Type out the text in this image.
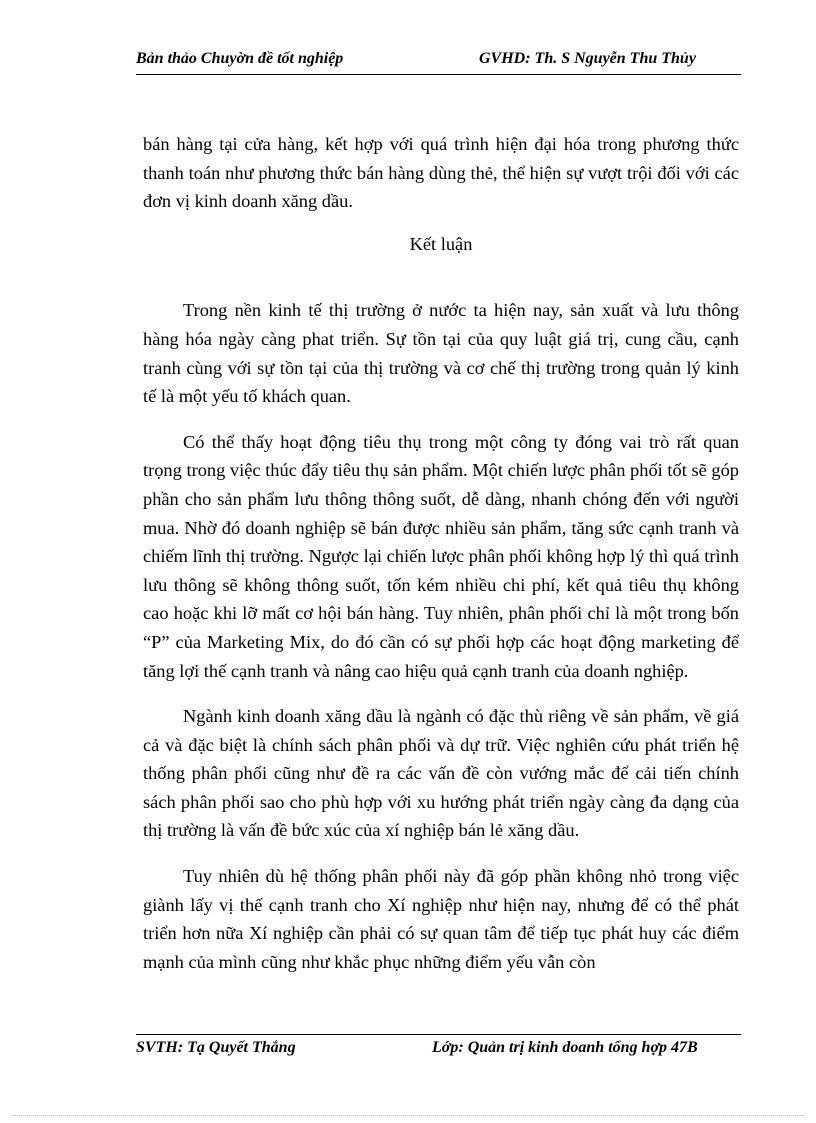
Bản thảo Chuyờn đề tốt nghiệp	GVHD: Th. S Nguyễn Thu Thủy

bán hàng tại cửa hàng, kết hợp với quá trình hiện đại hóa trong phương thức thanh toán như phương thức bán hàng dùng thẻ, thể hiện sự vượt trội đối với các đơn vị kinh doanh xăng dầu.

Kết luận

Trong nền kinh tế thị trường ở nước ta hiện nay, sản xuất và lưu thông hàng hóa ngày càng phat triển. Sự tồn tại của quy luật giá trị, cung cầu, cạnh tranh cùng với sự tồn tại của thị trường và cơ chế thị trường trong quản lý kinh tế là một yếu tố khách quan.

Có thể thấy hoạt động tiêu thụ trong một công ty đóng vai trò rất quan trọng trong việc thúc đẩy tiêu thụ sản phẩm. Một chiến lược phân phối tốt sẽ góp phần cho sản phẩm lưu thông thông suốt, dễ dàng, nhanh chóng đến với người mua. Nhờ đó doanh nghiệp sẽ bán được nhiều sản phẩm, tăng sức cạnh tranh và chiếm lĩnh thị trường. Ngược lại chiến lược phân phối không hợp lý thì quá trình lưu thông sẽ không thông suốt, tốn kém nhiều chi phí, kết quả tiêu thụ không cao hoặc khi lỡ mất cơ hội bán hàng. Tuy nhiên, phân phối chỉ là một trong bốn “P” của Marketing Mix, do đó cần có sự phối hợp các hoạt động marketing để tăng lợi thế cạnh tranh và nâng cao hiệu quả cạnh tranh của doanh nghiệp.

Ngành kinh doanh xăng dầu là ngành có đặc thù riêng về sản phẩm, về giá cả và đặc biệt là chính sách phân phối và dự trữ. Việc nghiên cứu phát triển hệ thống phân phối cũng như đề ra các vấn đề còn vướng mắc để cải tiến chính sách phân phối sao cho phù hợp với xu hướng phát triển ngày càng đa dạng của thị trường là vấn đề bức xúc của xí nghiệp bán lẻ xăng dầu.

Tuy nhiên dù hệ thống phân phối này đã góp phần không nhỏ trong việc giành lấy vị thế cạnh tranh cho Xí nghiệp như hiện nay, nhưng để có thể phát triển hơn nữa Xí nghiệp cần phải có sự quan tâm để tiếp tục phát huy các điểm mạnh của mình cũng như khắc phục những điểm yếu vẫn còn

SVTH: Tạ Quyết Thắng	Lớp: Quản trị kinh doanh tổng hợp 47B
